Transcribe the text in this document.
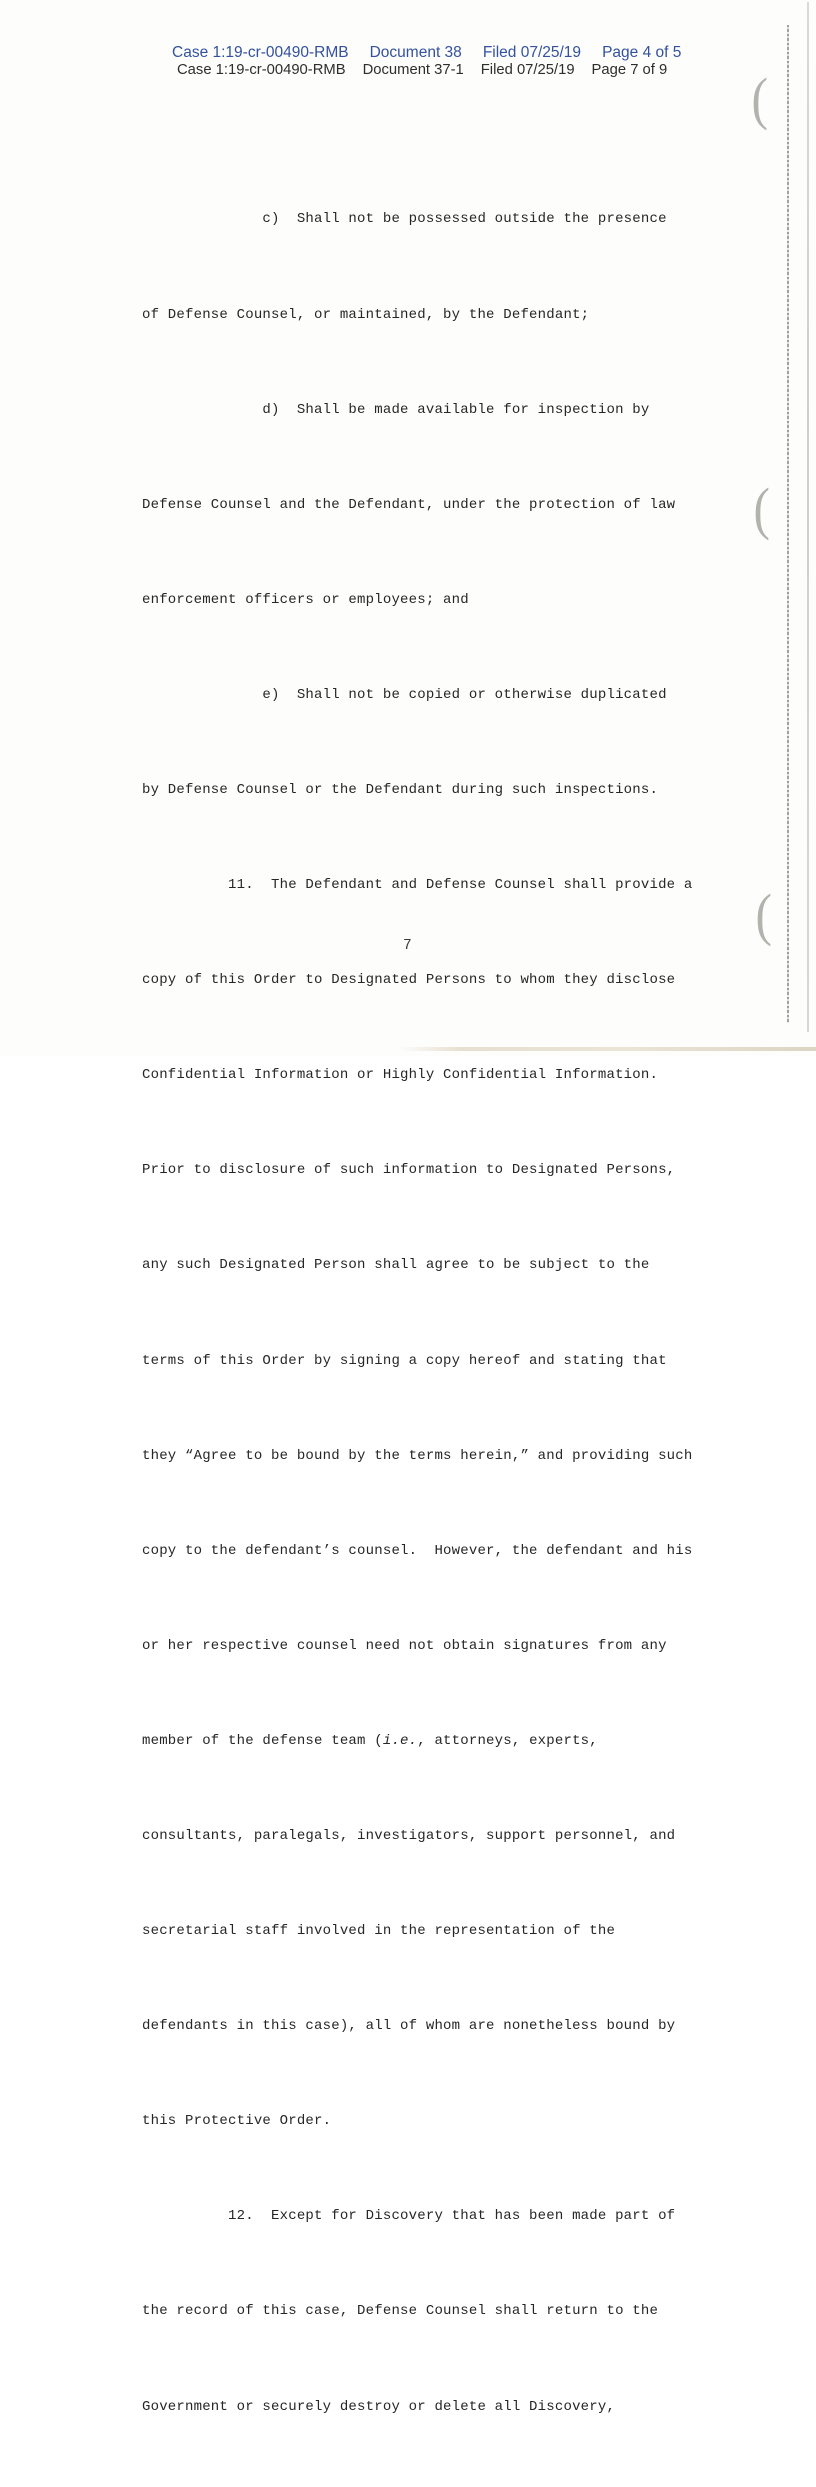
Case 1:19-cr-00490-RMB Document 38 Filed 07/25/19 Page 4 of 5
Case 1:19-cr-00490-RMB Document 37-1 Filed 07/25/19 Page 7 of 9

c)  Shall not be possessed outside the presence

of Defense Counsel, or maintained, by the Defendant;

d)  Shall be made available for inspection by

Defense Counsel and the Defendant, under the protection of law

enforcement officers or employees; and

e)  Shall not be copied or otherwise duplicated

by Defense Counsel or the Defendant during such inspections.

11.  The Defendant and Defense Counsel shall provide a

copy of this Order to Designated Persons to whom they disclose

Confidential Information or Highly Confidential Information.

Prior to disclosure of such information to Designated Persons,

any such Designated Person shall agree to be subject to the

terms of this Order by signing a copy hereof and stating that

they “Agree to be bound by the terms herein,” and providing such

copy to the defendant’s counsel.  However, the defendant and his

or her respective counsel need not obtain signatures from any

member of the defense team (i.e., attorneys, experts,

consultants, paralegals, investigators, support personnel, and

secretarial staff involved in the representation of the

defendants in this case), all of whom are nonetheless bound by

this Protective Order.

12.  Except for Discovery that has been made part of

the record of this case, Defense Counsel shall return to the

Government or securely destroy or delete all Discovery,

7
(
(
(
